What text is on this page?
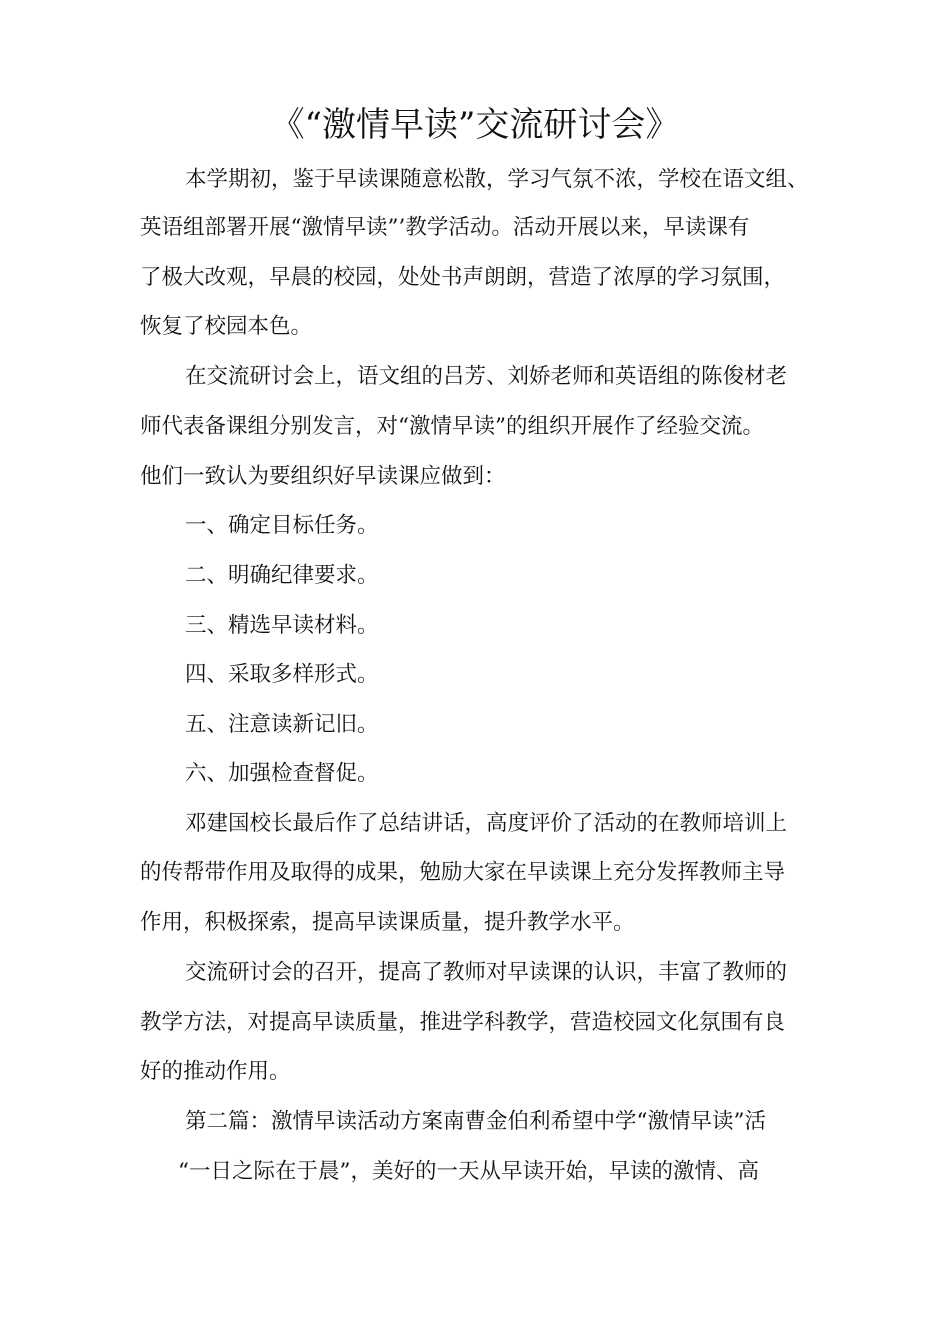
《“激情早读”交流研讨会》
本学期初，鉴于早读课随意松散，学习气氛不浓，学校在语文组、
英语组部署开展“激情早读”’教学活动。活动开展以来，早读课有
了极大改观，早晨的校园，处处书声朗朗，营造了浓厚的学习氛围，
恢复了校园本色。
在交流研讨会上，语文组的吕芳、刘娇老师和英语组的陈俊材老
师代表备课组分别发言，对“激情早读”的组织开展作了经验交流。
他们一致认为要组织好早读课应做到：
一、确定目标任务。
二、明确纪律要求。
三、精选早读材料。
四、采取多样形式。
五、注意读新记旧。
六、加强检查督促。
邓建国校长最后作了总结讲话，高度评价了活动的在教师培训上
的传帮带作用及取得的成果，勉励大家在早读课上充分发挥教师主导
作用，积极探索，提高早读课质量，提升教学水平。
交流研讨会的召开，提高了教师对早读课的认识，丰富了教师的
教学方法，对提高早读质量，推进学科教学，营造校园文化氛围有良
好的推动作用。
第二篇：激情早读活动方案南曹金伯利希望中学“激情早读”活
“一日之际在于晨”，美好的一天从早读开始，早读的激情、高
